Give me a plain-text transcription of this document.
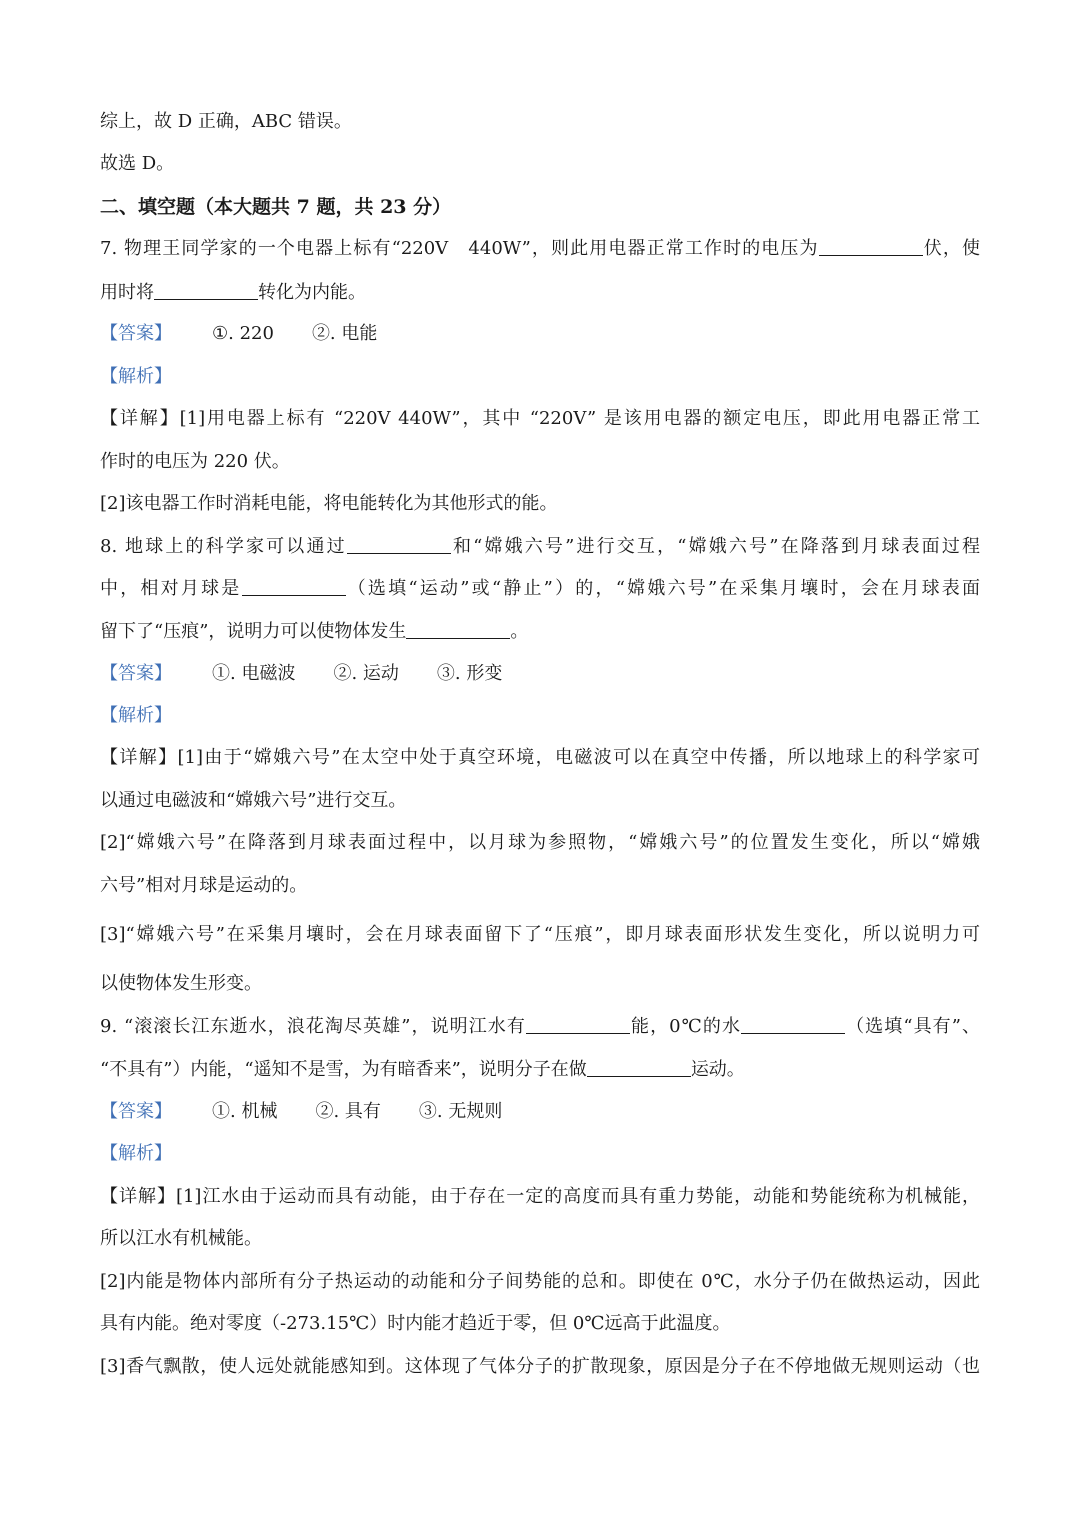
综上，故 D 正确，ABC 错误。
故选 D。
二、填空题（本大题共 7 题，共 23 分）
7. 物理王同学家的一个电器上标有“220V　440W”，则此用电器正常工作时的电压为	伏，使
用时将	转化为内能。
【答案】 ①. 220 ②. 电能
【解析】
【详解】[1]用电器上标有 “220V 440W”，其中 “220V” 是该用电器的额定电压，即此用电器正常工
作时的电压为 220 伏。
[2]该电器工作时消耗电能，将电能转化为其他形式的能。
8. 地球上的科学家可以通过	和“嫦娥六号”进行交互，“嫦娥六号”在降落到月球表面过程
中，相对月球是	（选填“运动”或“静止”）的，“嫦娥六号”在采集月壤时，会在月球表面
留下了“压痕”，说明力可以使物体发生	。
【答案】 ①. 电磁波 ②. 运动 ③. 形变
【解析】
【详解】[1]由于“嫦娥六号”在太空中处于真空环境，电磁波可以在真空中传播，所以地球上的科学家可
以通过电磁波和“嫦娥六号”进行交互。
[2]“嫦娥六号”在降落到月球表面过程中，以月球为参照物，“嫦娥六号”的位置发生变化，所以“嫦娥
六号”相对月球是运动的。
[3]“嫦娥六号”在采集月壤时，会在月球表面留下了“压痕”，即月球表面形状发生变化，所以说明力可
以使物体发生形变。
9. “滚滚长江东逝水，浪花淘尽英雄”，说明江水有	能，0℃的水	（选填“具有”、
“不具有”）内能，“遥知不是雪，为有暗香来”，说明分子在做	运动。
【答案】 ①. 机械 ②. 具有 ③. 无规则
【解析】
【详解】[1]江水由于运动而具有动能，由于存在一定的高度而具有重力势能，动能和势能统称为机械能，
所以江水有机械能。
[2]内能是物体内部所有分子热运动的动能和分子间势能的总和。即使在 0℃，水分子仍在做热运动，因此
具有内能。绝对零度（-273.15℃）时内能才趋近于零，但 0℃远高于此温度。
[3]香气飘散，使人远处就能感知到。这体现了气体分子的扩散现象，原因是分子在不停地做无规则运动（也
